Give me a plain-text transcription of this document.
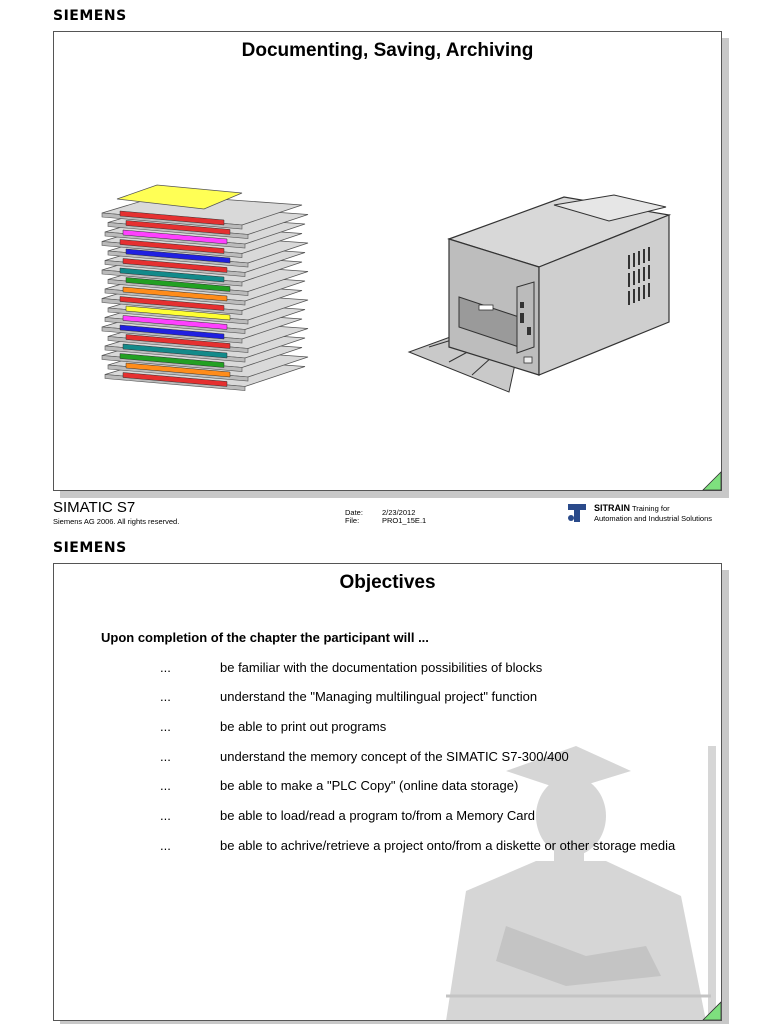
SIEMENS
Documenting, Saving, Archiving
SIMATIC S7
Siemens AG 2006. All rights reserved.
Date:	2/23/2012
File:	PRO1_15E.1
SITRAIN Training for
Automation and Industrial Solutions
SIEMENS
Objectives
Upon completion of the chapter the participant will ...
...	be familiar with the documentation possibilities of blocks
...	understand the "Managing multilingual project" function
...	be able to print out programs
...	understand the memory concept of the SIMATIC S7-300/400
...	be able to make a "PLC Copy" (online data storage)
...	be able to load/read a program to/from a Memory Card
...	be able to achrive/retrieve a project onto/from a diskette or other storage media
